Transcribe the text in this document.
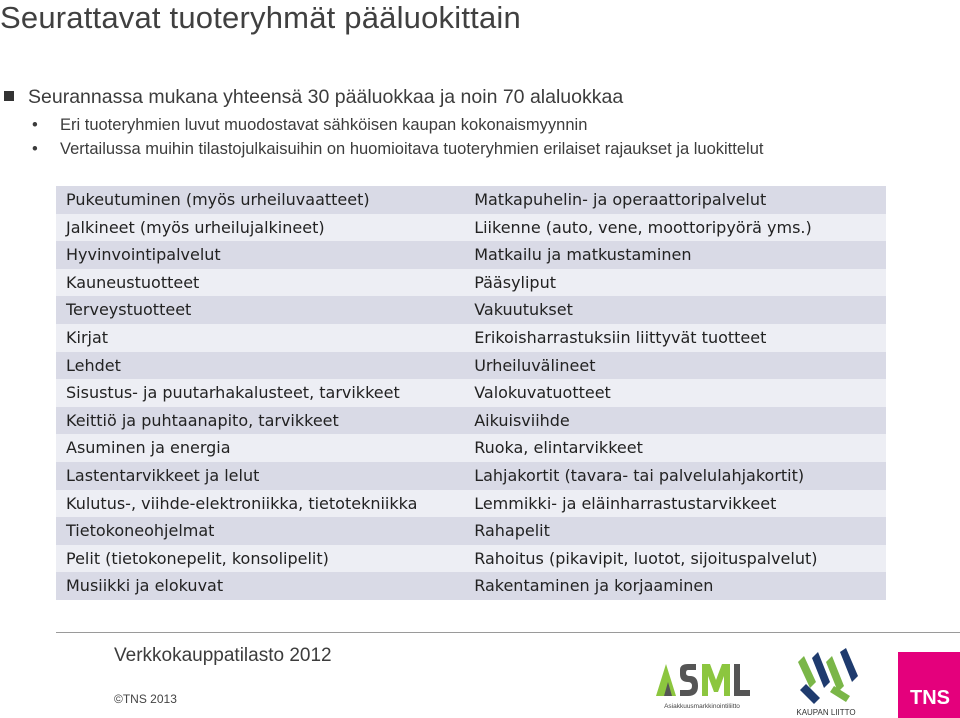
Seurattavat tuoteryhmät pääluokittain
Seurannassa mukana yhteensä 30 pääluokkaa ja noin 70 alaluokkaa
• Eri tuoteryhmien luvut muodostavat sähköisen kaupan kokonaismyynnin
• Vertailussa muihin tilastojulkaisuihin on huomioitava tuoteryhmien erilaiset rajaukset ja luokittelut
Pukeutuminen (myös urheiluvaatteet)	Matkapuhelin- ja operaattoripalvelut
Jalkineet (myös urheilujalkineet)	Liikenne (auto, vene, moottoripyörä yms.)
Hyvinvointipalvelut	Matkailu ja matkustaminen
Kauneustuotteet	Pääsyliput
Terveystuotteet	Vakuutukset
Kirjat	Erikoisharrastuksiin liittyvät tuotteet
Lehdet	Urheiluvälineet
Sisustus- ja puutarhakalusteet, tarvikkeet	Valokuvatuotteet
Keittiö ja puhtaanapito, tarvikkeet	Aikuisviihde
Asuminen ja energia	Ruoka, elintarvikkeet
Lastentarvikkeet ja lelut	Lahjakortit (tavara- tai palvelulahjakortit)
Kulutus-, viihde-elektroniikka, tietotekniikka	Lemmikki- ja eläinharrastustarvikkeet
Tietokoneohjelmat	Rahapelit
Pelit (tietokonepelit, konsolipelit)	Rahoitus (pikavipit, luotot, sijoituspalvelut)
Musiikki ja elokuvat	Rakentaminen ja korjaaminen
Verkkokauppatilasto 2012
©TNS 2013
Asiakkuusmarkkinointiliitto
KAUPAN LIITTO
TNS
